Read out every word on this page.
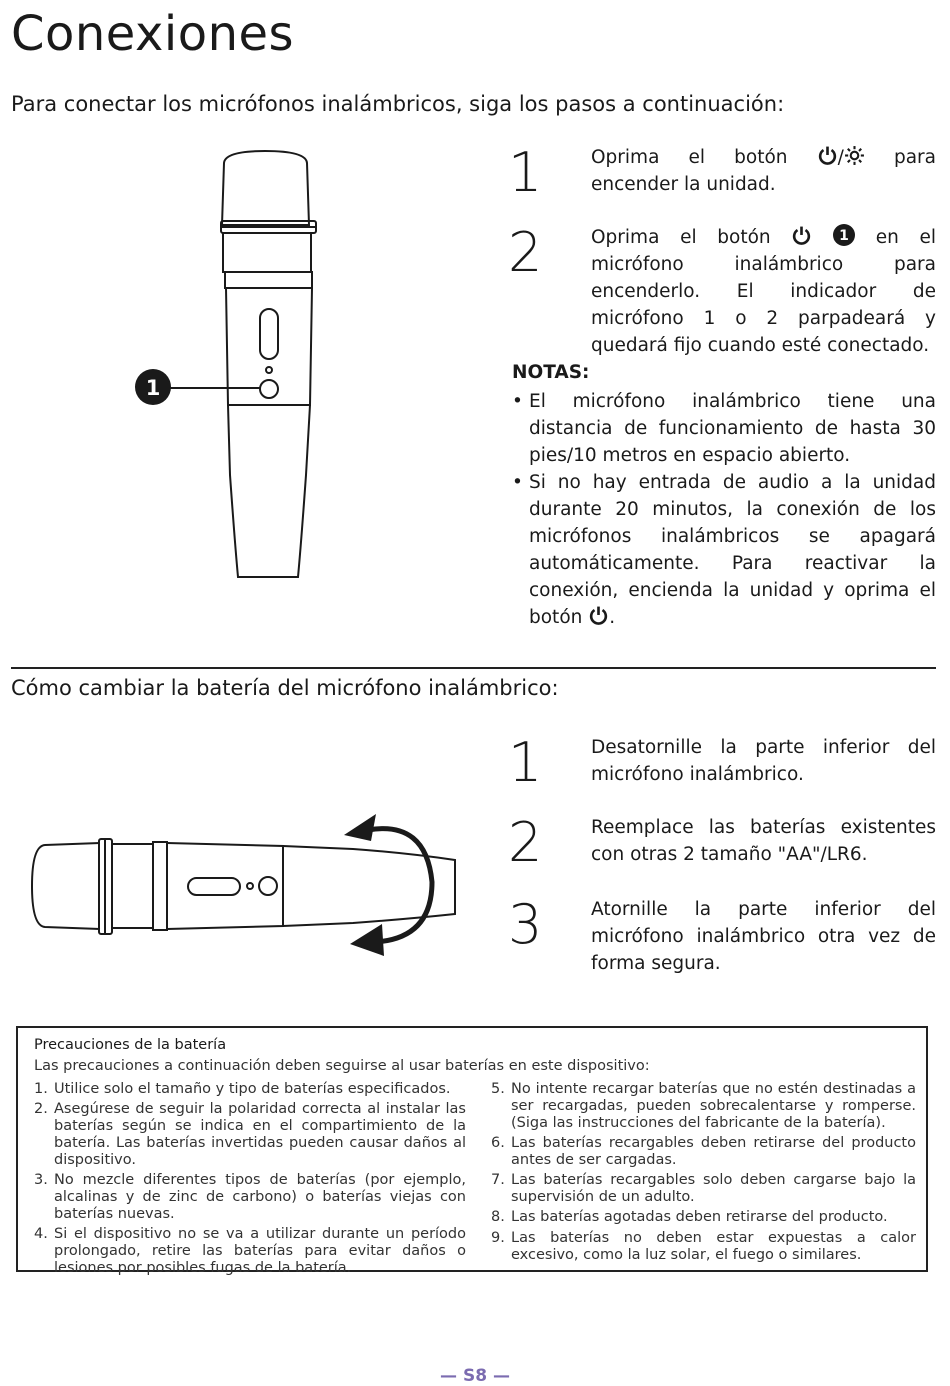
Conexiones

Para conectar los micrófonos inalámbricos, siga los pasos a continuación:

1
1	Oprima el botón / para encender la unidad.
2	Oprima el botón	1 en el micrófono inalámbrico para encenderlo. El indicador de micrófono 1 o 2 parpadeará y quedará fijo cuando esté conectado.
NOTAS:
• El micrófono inalámbrico tiene una distancia de funcionamiento de hasta 30 pies/10 metros en espacio abierto.
• Si no hay entrada de audio a la unidad durante 20 minutos, la conexión de los micrófonos inalámbricos se apagará automáticamente. Para reactivar la conexión, encienda la unidad y oprima el botón .

Cómo cambiar la batería del micrófono inalámbrico:

1	Desatornille la parte inferior del micrófono inalámbrico.
2	Reemplace las baterías existentes con otras 2 tamaño "AA"/LR6.
3	Atornille la parte inferior del micrófono inalámbrico otra vez de forma segura.
Precauciones de la batería
Las precauciones a continuación deben seguirse al usar baterías en este dispositivo:
1. Utilice solo el tamaño y tipo de baterías especificados.
2. Asegúrese de seguir la polaridad correcta al instalar las baterías según se indica en el compartimiento de la batería. Las baterías invertidas pueden causar daños al dispositivo.
3. No mezcle diferentes tipos de baterías (por ejemplo, alcalinas y de zinc de carbono) o baterías viejas con baterías nuevas.
4. Si el dispositivo no se va a utilizar durante un período prolongado, retire las baterías para evitar daños o lesiones por posibles fugas de la batería.
5. No intente recargar baterías que no estén destinadas a ser recargadas, pueden sobrecalentarse y romperse. (Siga las instrucciones del fabricante de la batería).
6. Las baterías recargables deben retirarse del producto antes de ser cargadas.
7. Las baterías recargables solo deben cargarse bajo la supervisión de un adulto.
8. Las baterías agotadas deben retirarse del producto.
9. Las baterías no deben estar expuestas a calor excesivo, como la luz solar, el fuego o similares.
— S8 —
